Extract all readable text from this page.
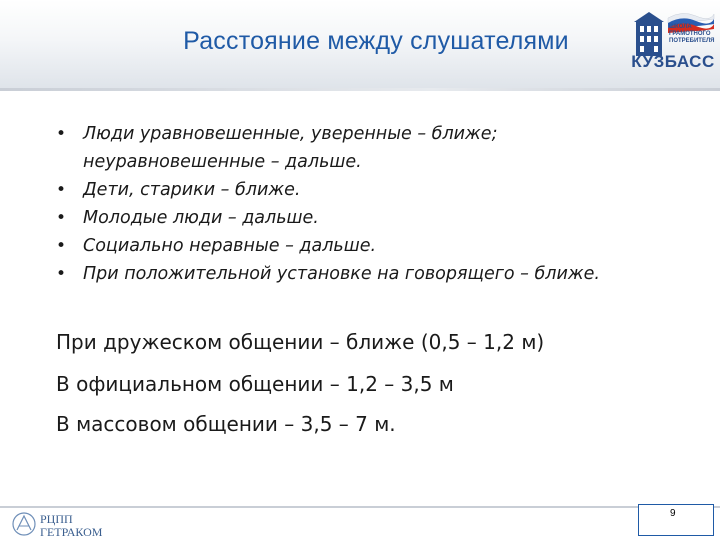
Расстояние между слушателями	ШКОЛА
ГРАМОТНОГО
ПОТРЕБИТЕЛЯ
КУЗБАСС
• Люди уравновешенные, уверенные – ближе;
неуравновешенные – дальше.
• Дети, старики – ближе.
• Молодые люди – дальше.
• Социально неравные – дальше.
• При положительной установке на говорящего – ближе.
При дружеском общении – ближе (0,5 – 1,2 м)
В официальном общении – 1,2 – 3,5 м
В массовом общении – 3,5 – 7 м.
РЦПП
ГЕТРАКОМ
9
